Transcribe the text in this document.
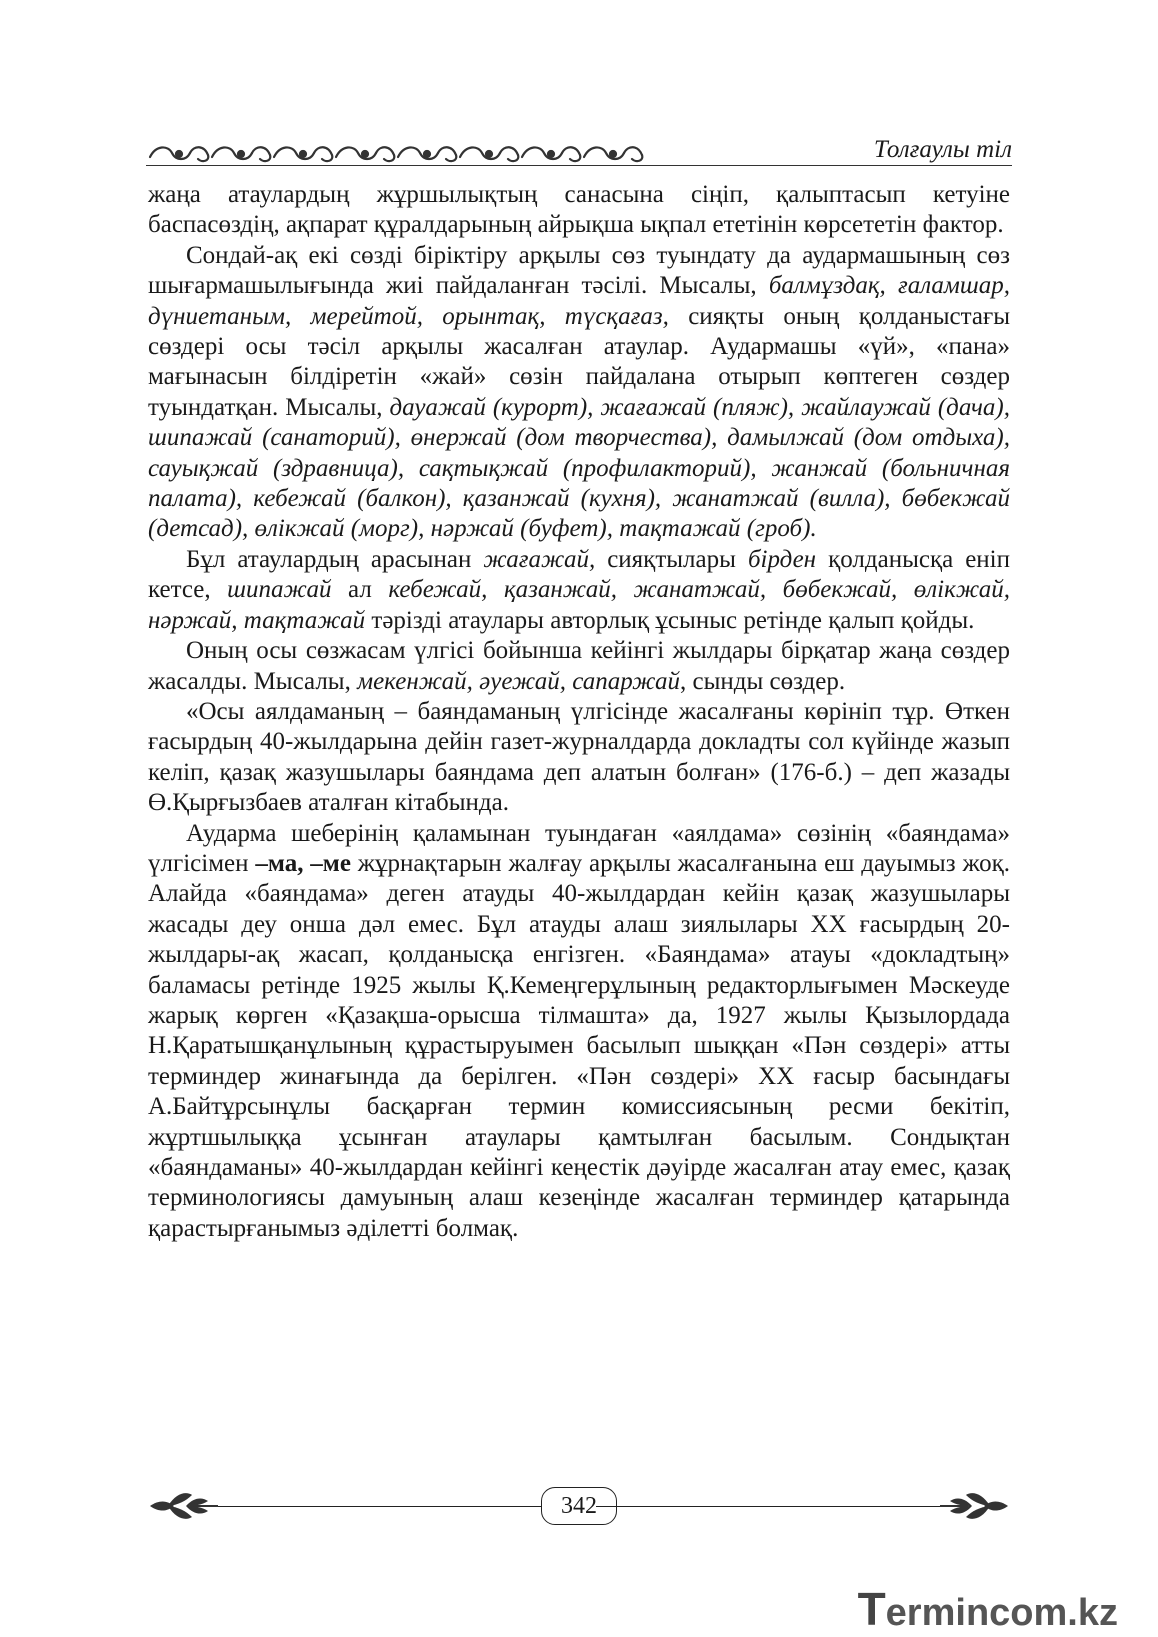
Толғаулы тіл

жаңа атаулардың жұршылықтың санасына сіңіп, қалыптасып кетуіне баспасөздің, ақпарат құралдарының айрықша ықпал ететінін көрсететін фактор.

Сондай-ақ екі сөзді біріктіру арқылы сөз туындату да аудармашының сөз шығармашылығында жиі пайдаланған тәсілі. Мысалы, балмұздақ, ғаламшар, дүниетаным, мерейтой, орынтақ, түсқағаз, сияқты оның қолданыстағы сөздері осы тәсіл арқылы жасалған атаулар. Аудармашы «үй», «пана» мағынасын білдіретін «жай» сөзін пайдалана отырып көптеген сөздер туындатқан. Мысалы, дауажай (курорт), жағажай (пляж), жайлаужай (дача), шипажай (санаторий), өнержай (дом творчества), дамылжай (дом отдыха), сауықжай (здравница), сақтықжай (профилакторий), жанжай (больничная палата), кебежай (балкон), қазанжай (кухня), жанатжай (вилла), бөбекжай (детсад), өлікжай (морг), нәржай (буфет), тақтажай (гроб).

Бұл атаулардың арасынан жағажай, сияқтылары бірден қолданысқа еніп кетсе, шипажай ал кебежай, қазанжай, жанатжай, бөбекжай, өлікжай, нәржай, тақтажай тәрізді атаулары авторлық ұсыныс ретінде қалып қойды.

Оның осы сөзжасам үлгісі бойынша кейінгі жылдары бірқатар жаңа сөздер жасалды. Мысалы, мекенжай, әуежай, сапаржай, сынды сөздер.

«Осы аялдаманың – баяндаманың үлгісінде жасалғаны көрініп тұр. Өткен ғасырдың 40-жылдарына дейін газет-журналдарда докладты сол күйінде жазып келіп, қазақ жазушылары баяндама деп алатын болған» (176-б.) – деп жазады Ө.Қырғызбаев аталған кітабында.

Аударма шеберінің қаламынан туындаған «аялдама» сөзінің «баяндама» үлгісімен –ма, –ме жұрнақтарын жалғау арқылы жасалғанына еш дауымыз жоқ. Алайда «баяндама» деген атауды 40-жылдардан кейін қазақ жазушылары жасады деу онша дәл емес. Бұл атауды алаш зиялылары XX ғасырдың 20-жылдары-ақ жасап, қолданысқа енгізген. «Баяндама» атауы «докладтың» баламасы ретінде 1925 жылы Қ.Кемеңгерұлының редакторлығымен Мәскеуде жарық көрген «Қазақша-орысша тілмашта» да, 1927 жылы Қызылордада Н.Қаратышқанұлының құрастыруымен басылып шыққан «Пән сөздері» атты терминдер жинағында да берілген. «Пән сөздері» XX ғасыр басындағы А.Байтұрсынұлы басқарған термин комиссиясының ресми бекітіп, жұртшылыққа ұсынған атаулары қамтылған басылым. Сондықтан «баяндаманы» 40-жылдардан кейінгі кеңестік дәуірде жасалған атау емес, қазақ терминологиясы дамуының алаш кезеңінде жасалған терминдер қатарында қарастырғанымыз әділетті болмақ.

342
Termincom.kz
